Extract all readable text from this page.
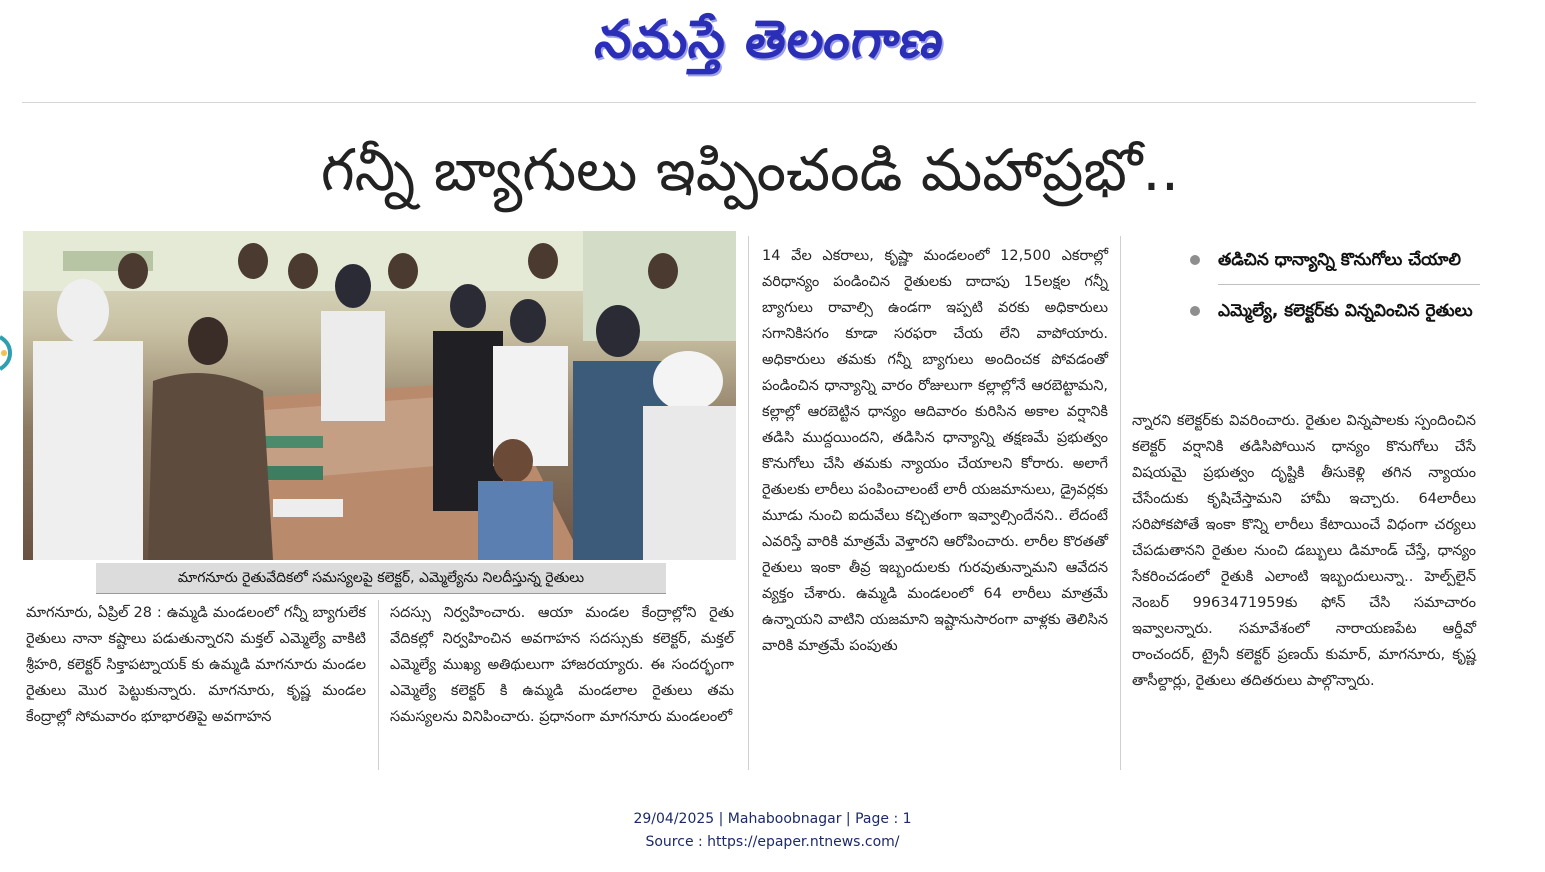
నమస్తే తెలంగాణ
గన్నీ బ్యాగులు ఇప్పించండి మహాప్రభో..
మాగనూరు రైతువేదికలో సమస్యలపై కలెక్టర్, ఎమ్మెల్యేను నిలదీస్తున్న రైతులు

మాగనూరు, ఏప్రిల్ 28 : ఉమ్మడి మండలంలో గన్నీ బ్యాగులేక రైతులు నానా కష్టాలు పడుతున్నారని మక్తల్ ఎమ్మెల్యే వాకిటి శ్రీహరి, కలెక్టర్ సిక్తాపట్నాయక్ కు ఉమ్మడి మాగనూరు మండల రైతులు మొర పెట్టుకున్నారు. మాగనూరు, కృష్ణ మండల కేంద్రాల్లో సోమవారం భూభారతిపై అవగాహన

సదస్సు నిర్వహించారు. ఆయా మండల కేంద్రాల్లోని రైతు వేదికల్లో నిర్వహించిన అవగాహన సదస్సుకు కలెక్టర్, మక్తల్ ఎమ్మెల్యే ముఖ్య అతిథులుగా హాజరయ్యారు. ఈ సందర్భంగా ఎమ్మెల్యే కలెక్టర్ కి ఉమ్మడి మండలాల రైతులు తమ సమస్యలను వినిపించారు. ప్రధానంగా మాగనూరు మండలంలో

14 వేల ఎకరాలు, కృష్ణా మండలంలో 12,500 ఎకరాల్లో వరిధాన్యం పండించిన రైతులకు దాదాపు 15లక్షల గన్నీ బ్యాగులు రావాల్సి ఉండగా ఇప్పటి వరకు అధికారులు సగానికిసగం కూడా సరఫరా చేయ లేని వాపోయారు. అధికారులు తమకు గన్నీ బ్యాగులు అందించక పోవడంతో పండించిన ధాన్యాన్ని వారం రోజులుగా కల్లాల్లోనే ఆరబెట్టామని, కల్లాల్లో ఆరబెట్టిన ధాన్యం ఆదివారం కురిసిన అకాల వర్షానికి తడిసి ముద్దయిందని, తడిసిన ధాన్యాన్ని తక్షణమే ప్రభుత్వం కొనుగోలు చేసి తమకు న్యాయం చేయాలని కోరారు. అలాగే రైతులకు లారీలు పంపించాలంటే లారీ యజమానులు, డ్రైవర్లకు మూడు నుంచి ఐదువేలు కచ్చితంగా ఇవ్వాల్సిందేనని.. లేదంటే ఎవరిస్తే వారికి మాత్రమే వెళ్తారని ఆరోపించారు. లారీల కొరతతో రైతులు ఇంకా తీవ్ర ఇబ్బందులకు గురవుతున్నామని ఆవేదన వ్యక్తం చేశారు. ఉమ్మడి మండలంలో 64 లారీలు మాత్రమే ఉన్నాయని వాటిని యజమాని ఇష్టానుసారంగా వాళ్లకు తెలిసిన వారికి మాత్రమే పంపుతు

తడిచిన ధాన్యాన్ని కొనుగోలు చేయాలి
ఎమ్మెల్యే, కలెక్టర్‌కు విన్నవించిన రైతులు

న్నారని కలెక్టర్‌కు వివరించారు. రైతుల విన్నపాలకు స్పందించిన కలెక్టర్ వర్షానికి తడిసిపోయిన ధాన్యం కొనుగోలు చేసే విషయమై ప్రభుత్వం దృష్టికి తీసుకెళ్లి తగిన న్యాయం చేసేందుకు కృషిచేస్తామని హామీ ఇచ్చారు. 64లారీలు సరిపోకపోతే ఇంకా కొన్ని లారీలు కేటాయించే విధంగా చర్యలు చేపడుతానని రైతుల నుంచి డబ్బులు డిమాండ్ చేస్తే, ధాన్యం సేకరించడంలో రైతుకి ఎలాంటి ఇబ్బందులున్నా.. హెల్ప్‌లైన్ నెంబర్ 9963471959కు ఫోన్ చేసి సమాచారం ఇవ్వాలన్నారు. సమావేశంలో నారాయణపేట ఆర్డీవో రాంచందర్, ట్రైనీ కలెక్టర్ ప్రణయ్ కుమార్, మాగనూరు, కృష్ణ తాసీల్దార్లు, రైతులు తదితరులు పాల్గొన్నారు.

29/04/2025 | Mahaboobnagar | Page : 1
Source : https://epaper.ntnews.com/
